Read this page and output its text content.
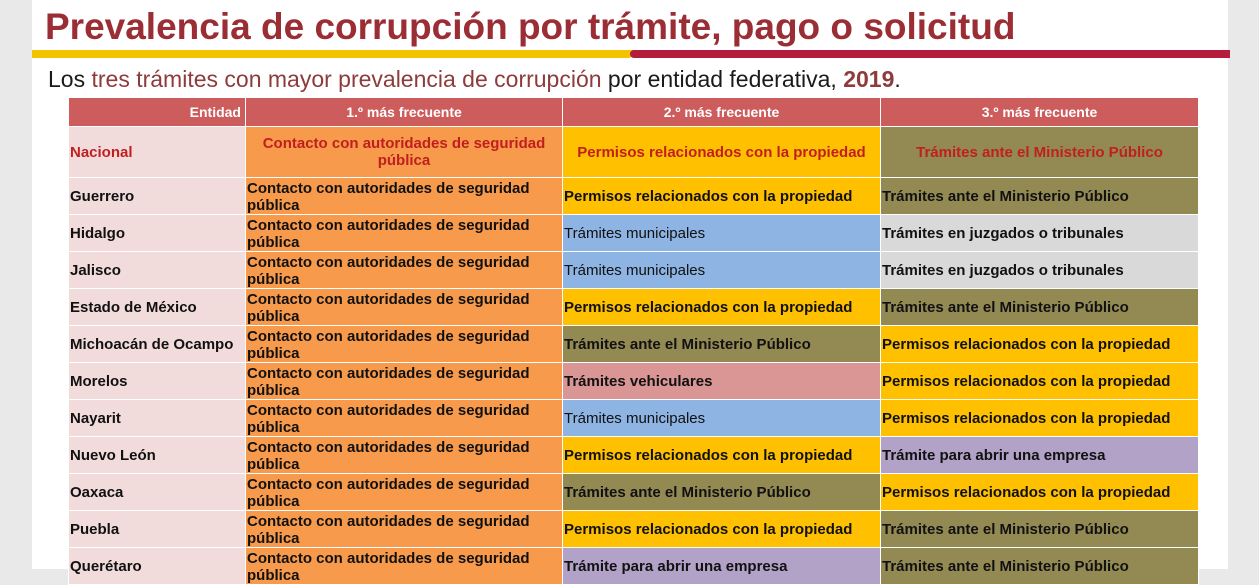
Prevalencia de corrupción por trámite, pago o solicitud

Los tres trámites con mayor prevalencia de corrupción por entidad federativa, 2019.

Entidad	1.º más frecuente	2.º más frecuente	3.º más frecuente
Nacional	Contacto con autoridades de seguridad pública	Permisos relacionados con la propiedad	Trámites ante el Ministerio Público
Guerrero	Contacto con autoridades de seguridad pública	Permisos relacionados con la propiedad	Trámites ante el Ministerio Público
Hidalgo	Contacto con autoridades de seguridad pública	Trámites municipales	Trámites en juzgados o tribunales
Jalisco	Contacto con autoridades de seguridad pública	Trámites municipales	Trámites en juzgados o tribunales
Estado de México	Contacto con autoridades de seguridad pública	Permisos relacionados con la propiedad	Trámites ante el Ministerio Público
Michoacán de Ocampo	Contacto con autoridades de seguridad pública	Trámites ante el Ministerio Público	Permisos relacionados con la propiedad
Morelos	Contacto con autoridades de seguridad pública	Trámites vehiculares	Permisos relacionados con la propiedad
Nayarit	Contacto con autoridades de seguridad pública	Trámites municipales	Permisos relacionados con la propiedad
Nuevo León	Contacto con autoridades de seguridad pública	Permisos relacionados con la propiedad	Trámite para abrir una empresa
Oaxaca	Contacto con autoridades de seguridad pública	Trámites ante el Ministerio Público	Permisos relacionados con la propiedad
Puebla	Contacto con autoridades de seguridad pública	Permisos relacionados con la propiedad	Trámites ante el Ministerio Público
Querétaro	Contacto con autoridades de seguridad pública	Trámite para abrir una empresa	Trámites ante el Ministerio Público
